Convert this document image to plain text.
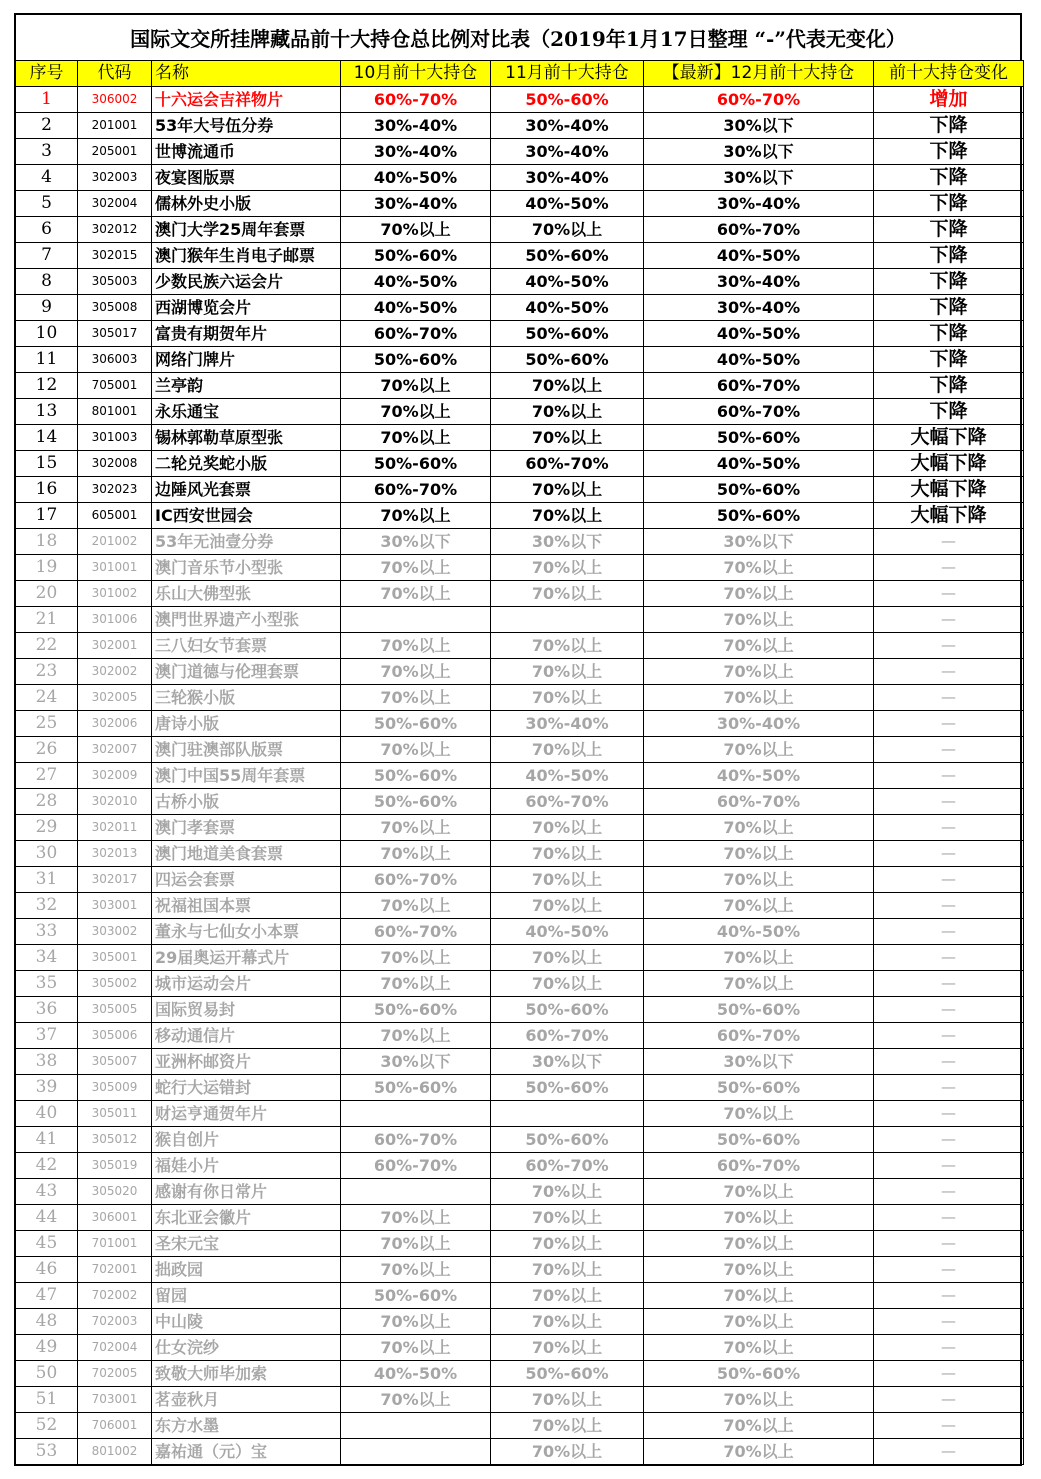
国际文交所挂牌藏品前十大持仓总比例对比表（2019年1月17日整理 “-”代表无变化）
序号	代码	名称	10月前十大持仓	11月前十大持仓	【最新】12月前十大持仓	前十大持仓变化
1	306002	十六运会吉祥物片	60%-70%	50%-60%	60%-70%	增加
2	201001	53年大号伍分券	30%-40%	30%-40%	30%以下	下降
3	205001	世博流通币	30%-40%	30%-40%	30%以下	下降
4	302003	夜宴图版票	40%-50%	30%-40%	30%以下	下降
5	302004	儒林外史小版	30%-40%	40%-50%	30%-40%	下降
6	302012	澳门大学25周年套票	70%以上	70%以上	60%-70%	下降
7	302015	澳门猴年生肖电子邮票	50%-60%	50%-60%	40%-50%	下降
8	305003	少数民族六运会片	40%-50%	40%-50%	30%-40%	下降
9	305008	西湖博览会片	40%-50%	40%-50%	30%-40%	下降
10	305017	富贵有期贺年片	60%-70%	50%-60%	40%-50%	下降
11	306003	网络门牌片	50%-60%	50%-60%	40%-50%	下降
12	705001	兰亭韵	70%以上	70%以上	60%-70%	下降
13	801001	永乐通宝	70%以上	70%以上	60%-70%	下降
14	301003	锡林郭勒草原型张	70%以上	70%以上	50%-60%	大幅下降
15	302008	二轮兑奖蛇小版	50%-60%	60%-70%	40%-50%	大幅下降
16	302023	边陲风光套票	60%-70%	70%以上	50%-60%	大幅下降
17	605001	IC西安世园会	70%以上	70%以上	50%-60%	大幅下降
18	201002	53年无油壹分券	30%以下	30%以下	30%以下	—
19	301001	澳门音乐节小型张	70%以上	70%以上	70%以上	—
20	301002	乐山大佛型张	70%以上	70%以上	70%以上	—
21	301006	澳門世界遗产小型张			70%以上	—
22	302001	三八妇女节套票	70%以上	70%以上	70%以上	—
23	302002	澳门道德与伦理套票	70%以上	70%以上	70%以上	—
24	302005	三轮猴小版	70%以上	70%以上	70%以上	—
25	302006	唐诗小版	50%-60%	30%-40%	30%-40%	—
26	302007	澳门驻澳部队版票	70%以上	70%以上	70%以上	—
27	302009	澳门中国55周年套票	50%-60%	40%-50%	40%-50%	—
28	302010	古桥小版	50%-60%	60%-70%	60%-70%	—
29	302011	澳门孝套票	70%以上	70%以上	70%以上	—
30	302013	澳门地道美食套票	70%以上	70%以上	70%以上	—
31	302017	四运会套票	60%-70%	70%以上	70%以上	—
32	303001	祝福祖国本票	70%以上	70%以上	70%以上	—
33	303002	董永与七仙女小本票	60%-70%	40%-50%	40%-50%	—
34	305001	29届奥运开幕式片	70%以上	70%以上	70%以上	—
35	305002	城市运动会片	70%以上	70%以上	70%以上	—
36	305005	国际贸易封	50%-60%	50%-60%	50%-60%	—
37	305006	移动通信片	70%以上	60%-70%	60%-70%	—
38	305007	亚洲杯邮资片	30%以下	30%以下	30%以下	—
39	305009	蛇行大运错封	50%-60%	50%-60%	50%-60%	—
40	305011	财运亨通贺年片			70%以上	—
41	305012	猴自创片	60%-70%	50%-60%	50%-60%	—
42	305019	福娃小片	60%-70%	60%-70%	60%-70%	—
43	305020	感谢有你日常片		70%以上	70%以上	—
44	306001	东北亚会徽片	70%以上	70%以上	70%以上	—
45	701001	圣宋元宝	70%以上	70%以上	70%以上	—
46	702001	拙政园	70%以上	70%以上	70%以上	—
47	702002	留园	50%-60%	70%以上	70%以上	—
48	702003	中山陵	70%以上	70%以上	70%以上	—
49	702004	仕女浣纱	70%以上	70%以上	70%以上	—
50	702005	致敬大师毕加索	40%-50%	50%-60%	50%-60%	—
51	703001	茗壶秋月	70%以上	70%以上	70%以上	—
52	706001	东方水墨		70%以上	70%以上	—
53	801002	嘉祐通（元）宝		70%以上	70%以上	—
